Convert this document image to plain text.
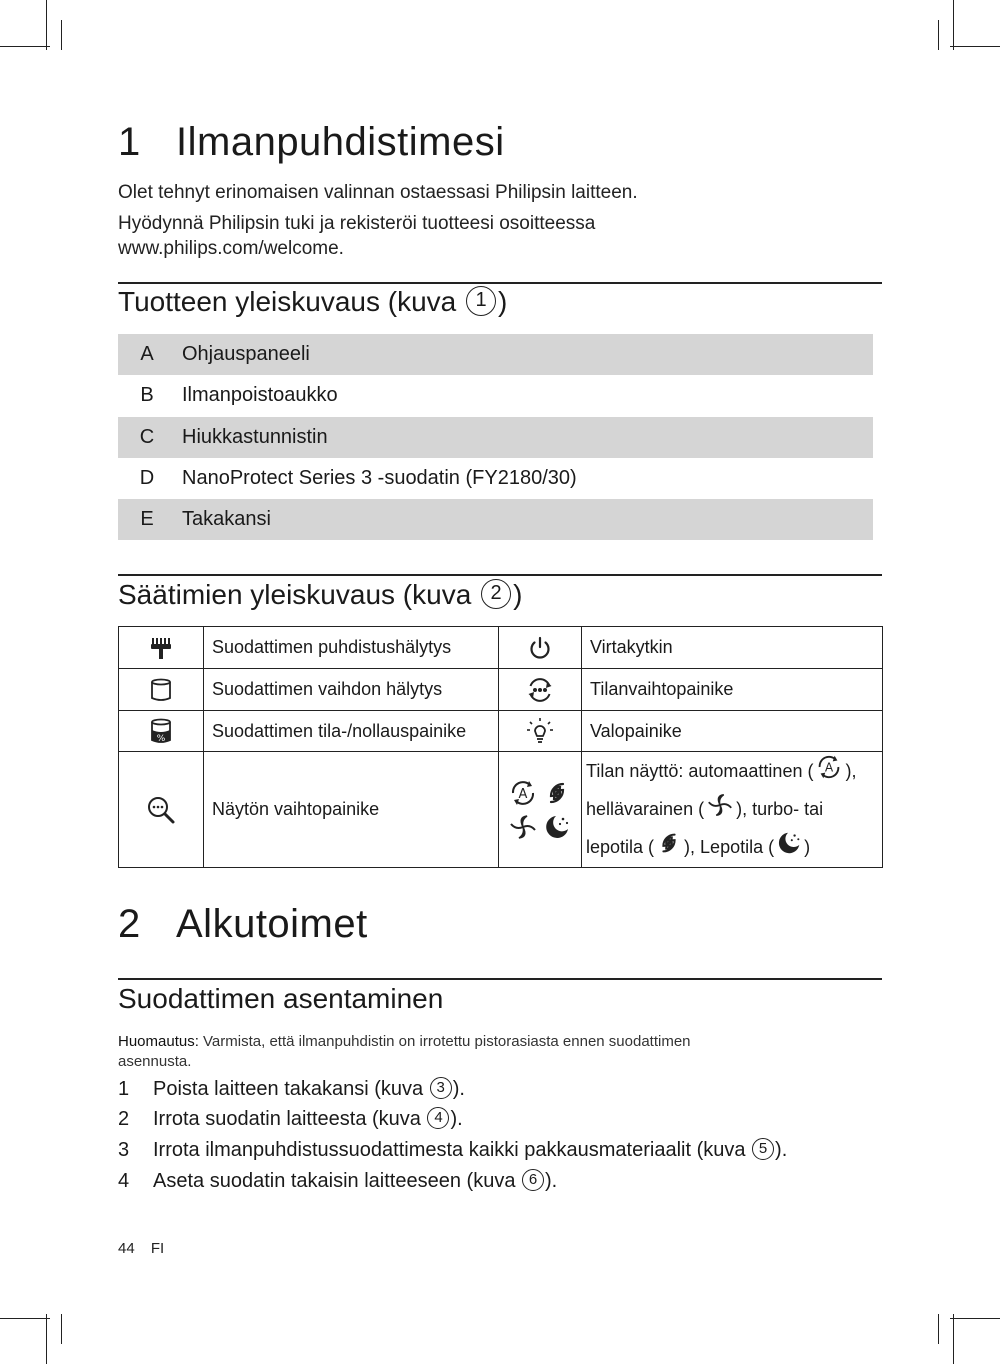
1 Ilmanpuhdistimesi
Olet tehnyt erinomaisen valinnan ostaessasi Philipsin laitteen.
Hyödynnä Philipsin tuki ja rekisteröi tuotteesi osoitteessa
www.philips.com/welcome.
Tuotteen yleiskuvaus (kuva 1 )
A	Ohjauspaneeli
B	Ilmanpoistoaukko
C	Hiukkastunnistin
D	NanoProtect Series 3 -suodatin (FY2180/30)
E	Takakansi
Säätimien yleiskuvaus (kuva 2 )
	Suodattimen puhdistushälytys		Virtakytkin

	Suodattimen vaihdon hälytys		Tilanvaihtopainike

%	Suodattimen tila-/nollauspainike		Valopainike

	Näytön vaihtopainike	A	Tilan näyttö: automaattinen ( A ),
hellävarainen ( ), turbo- tai
lepotila ( ), Lepotila ( )
2 Alkutoimet
Suodattimen asentaminen
Huomautus: Varmista, että ilmanpuhdistin on irrotettu pistorasiasta ennen suodattimen
asennusta.
1 Poista laitteen takakansi (kuva 3 ).
2 Irrota suodatin laitteesta (kuva 4 ).
3 Irrota ilmanpuhdistussuodattimesta kaikki pakkausmateriaalit (kuva 5 ).
4 Aseta suodatin takaisin laitteeseen (kuva 6 ).
44 FI
